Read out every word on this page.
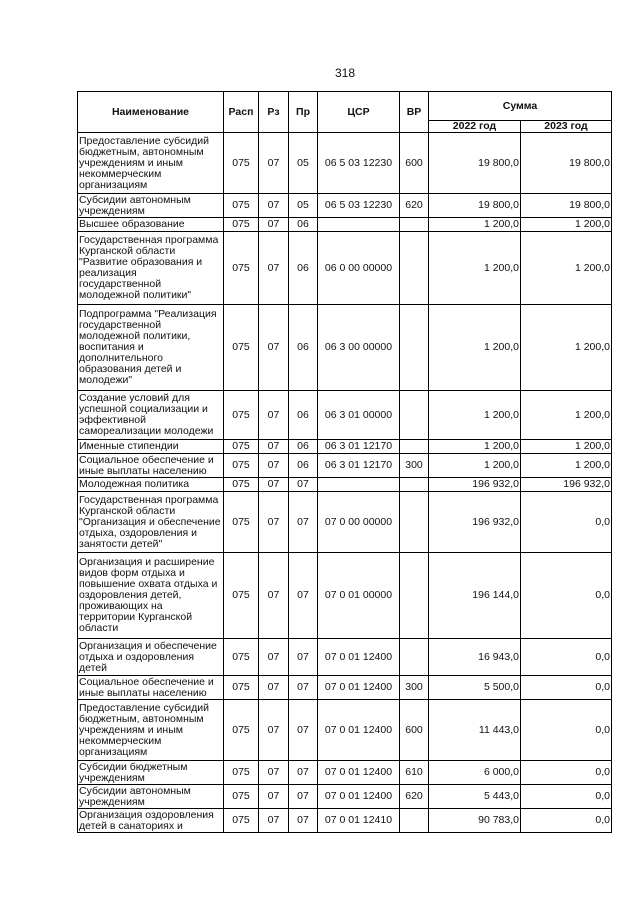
318
Наименование	Расп	Рз	Пр	ЦСР	ВР	Сумма	
						2022 год	2023 год
Предоставление субсидий бюджетным, автономным учреждениям и иным некоммерческим организациям	075	07	05	06 5 03 12230	600	19 800,0	19 800,0
Субсидии автономным учреждениям	075	07	05	06 5 03 12230	620	19 800,0	19 800,0
Высшее образование	075	07	06			1 200,0	1 200,0
Государственная программа Курганской области "Развитие образования и реализация государственной молодежной политики"	075	07	06	06 0 00 00000		1 200,0	1 200,0
Подпрограмма "Реализация государственной молодежной политики, воспитания и дополнительного образования детей и молодежи"	075	07	06	06 3 00 00000		1 200,0	1 200,0
Создание условий для успешной социализации и эффективной самореализации молодежи	075	07	06	06 3 01 00000		1 200,0	1 200,0
Именные стипендии	075	07	06	06 3 01 12170		1 200,0	1 200,0
Социальное обеспечение и иные выплаты населению	075	07	06	06 3 01 12170	300	1 200,0	1 200,0
Молодежная политика	075	07	07			196 932,0	196 932,0
Государственная программа Курганской области "Организация и обеспечение отдыха, оздоровления и занятости детей"	075	07	07	07 0 00 00000		196 932,0	0,0
Организация и расширение видов форм отдыха и повышение охвата отдыха и оздоровления детей, проживающих на территории Курганской области	075	07	07	07 0 01 00000		196 144,0	0,0
Организация и обеспечение отдыха и оздоровления детей	075	07	07	07 0 01 12400		16 943,0	0,0
Социальное обеспечение и иные выплаты населению	075	07	07	07 0 01 12400	300	5 500,0	0,0
Предоставление субсидий бюджетным, автономным учреждениям и иным некоммерческим организациям	075	07	07	07 0 01 12400	600	11 443,0	0,0
Субсидии бюджетным учреждениям	075	07	07	07 0 01 12400	610	6 000,0	0,0
Субсидии автономным учреждениям	075	07	07	07 0 01 12400	620	5 443,0	0,0
Организация оздоровления детей в санаториях и	075	07	07	07 0 01 12410		90 783,0	0,0
